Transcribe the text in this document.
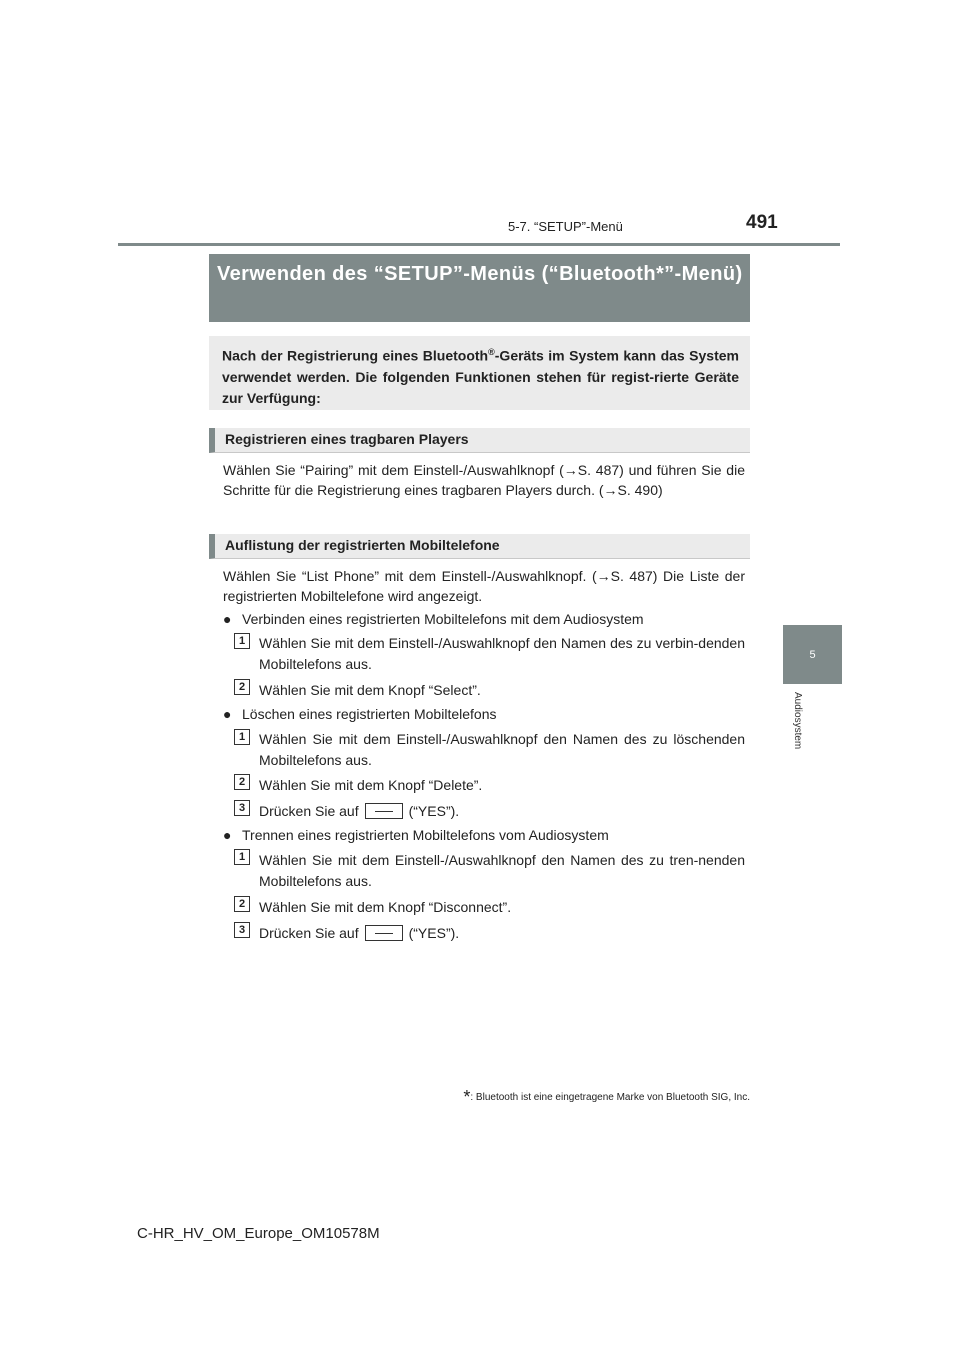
5-7. “SETUP”-Menü	491
5
Audiosystem
Verwenden des “SETUP”-Menüs (“Bluetooth*”-Menü)
Nach der Registrierung eines Bluetooth®-Geräts im System kann das System verwendet werden. Die folgenden Funktionen stehen für regist-rierte Geräte zur Verfügung:
Registrieren eines tragbaren Players
Wählen Sie “Pairing” mit dem Einstell-/Auswahlknopf (→S. 487) und führen Sie die Schritte für die Registrierung eines tragbaren Players durch. (→S. 490)
Auflistung der registrierten Mobiltelefone
Wählen Sie “List Phone” mit dem Einstell-/Auswahlknopf. (→S. 487) Die Liste der registrierten Mobiltelefone wird angezeigt.
● Verbinden eines registrierten Mobiltelefons mit dem Audiosystem
1 Wählen Sie mit dem Einstell-/Auswahlknopf den Namen des zu verbin-denden Mobiltelefons aus.
2 Wählen Sie mit dem Knopf “Select”.
● Löschen eines registrierten Mobiltelefons
1 Wählen Sie mit dem Einstell-/Auswahlknopf den Namen des zu löschenden Mobiltelefons aus.
2 Wählen Sie mit dem Knopf “Delete”.
3 Drücken Sie auf	(“YES”).
● Trennen eines registrierten Mobiltelefons vom Audiosystem
1 Wählen Sie mit dem Einstell-/Auswahlknopf den Namen des zu tren-nenden Mobiltelefons aus.
2 Wählen Sie mit dem Knopf “Disconnect”.
3 Drücken Sie auf	(“YES”).
*: Bluetooth ist eine eingetragene Marke von Bluetooth SIG, Inc.
C-HR_HV_OM_Europe_OM10578M
